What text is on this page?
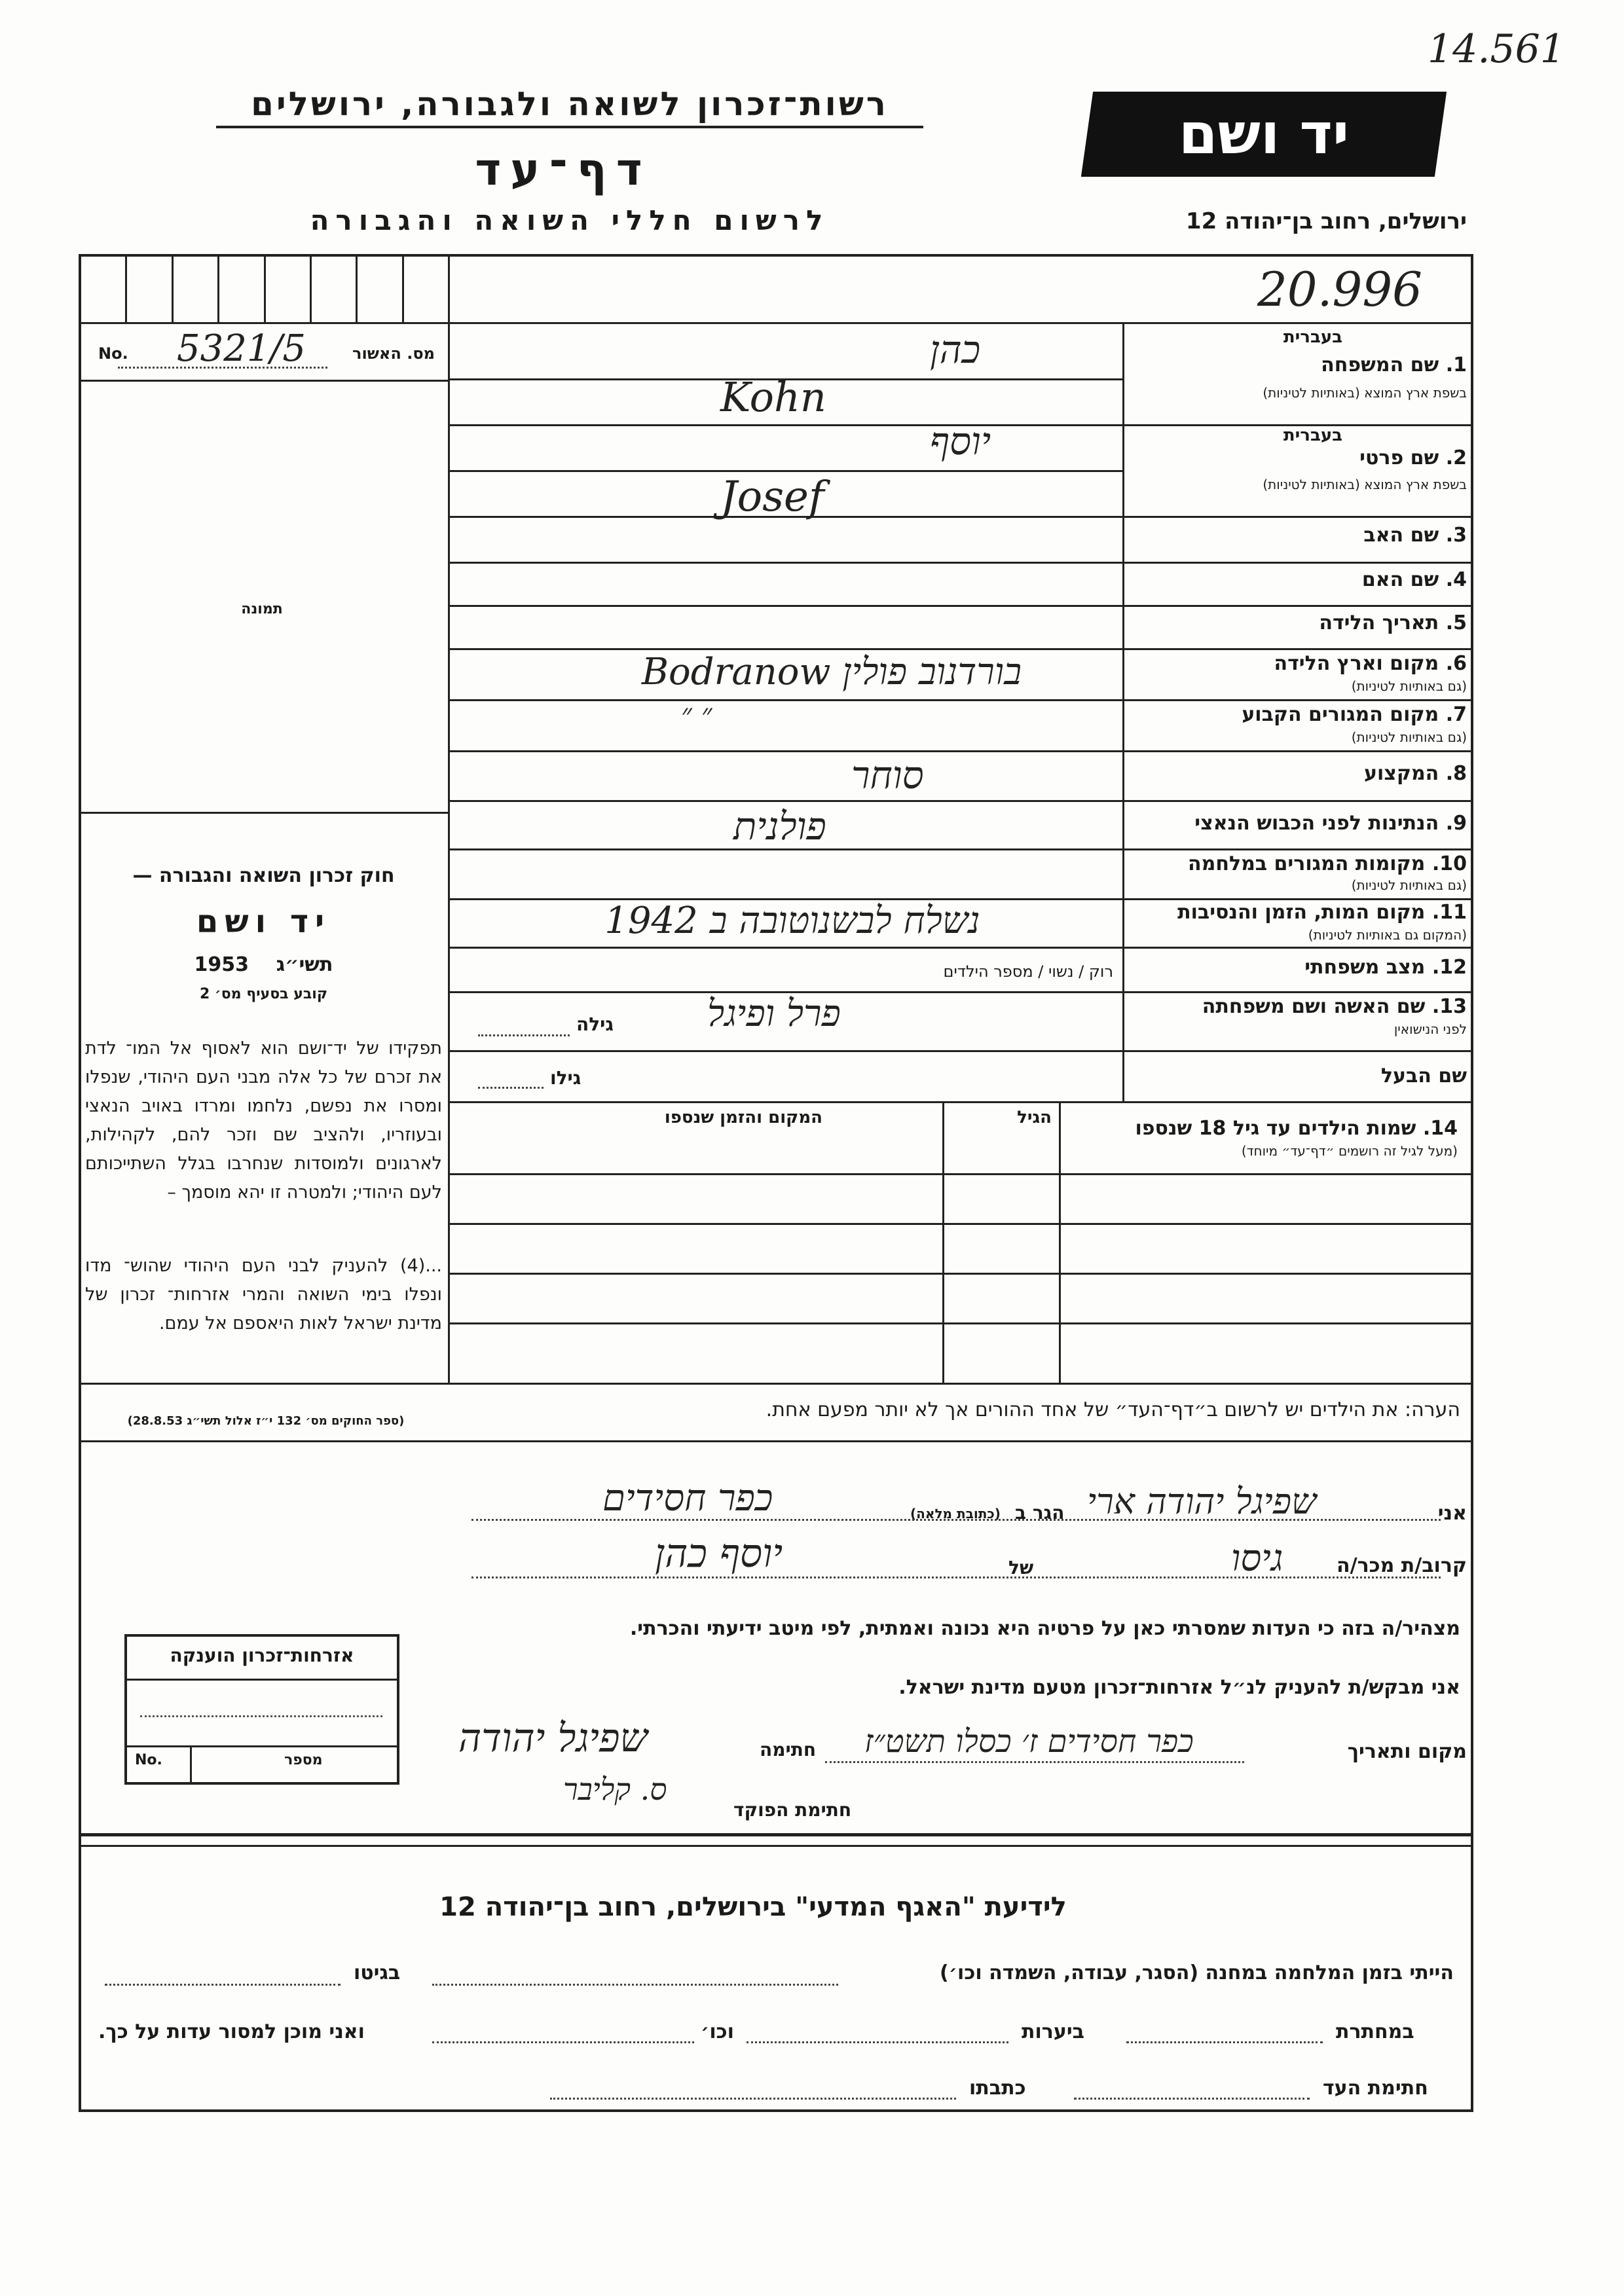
14.561
רשות־זכרון לשואה ולגבורה, ירושלים
דף־עד
לרשום חללי השואה והגבורה
יד ושם
ירושלים, רחוב בן־יהודה 12
20.996
No. 5321/5	מס. האשור
תמונה
חוק זכרון השואה והגבורה —
יד ושם
1953 תשי״ג
קובע בסעיף מס׳ 2
תפקידו של יד־ושם הוא לאסוף אל המו־ לדת את זכרם של כל אלה מבני העם היהודי, שנפלו ומסרו את נפשם, נלחמו ומרדו באויב הנאצי ובעוזריו, ולהציב שם וזכר להם, לקהילות, לארגונים ולמוסדות שנחרבו בגלל השתייכותם לעם היהודי; ולמטרה זו יהא מוסמך –
...(4) להעניק לבני העם היהודי שהוש־ מדו ונפלו בימי השואה והמרי אזרחות־ זכרון של מדינת ישראל לאות היאספם אל עמם.
(ספר החוקים מס׳ 132 י״ז אלול תשי״ג 28.8.53)
בעברית
1. שם המשפחה
בשפת ארץ המוצא (באותיות לטיניות)
כהן
Kohn
בעברית
2. שם פרטי
בשפת ארץ המוצא (באותיות לטיניות)
יוסף
Josef
3. שם האב
4. שם האם
5. תאריך הלידה
6. מקום וארץ הלידה
(גם באותיות לטיניות)
בורדנוב פולין Bodranow
7. מקום המגורים הקבוע
(גם באותיות לטיניות)
״ ״
8. המקצוע
סוחר
9. הנתינות לפני הכבוש הנאצי
פולנית
10. מקומות המגורים במלחמה
(גם באותיות לטיניות)
11. מקום המות, הזמן והנסיבות
(המקום גם באותיות לטיניות)
נשלח לבשנוטובה ב 1942
12. מצב משפחתי
רוק / נשוי / מספר הילדים
13. שם האשה ושם משפחתה
לפני הנישואין
פרל ופיגל
גילה
שם הבעל
גילו
14. שמות הילדים עד גיל 18 שנספו
(מעל לגיל זה רושמים ״דף־עד״ מיוחד)
הגיל
המקום והזמן שנספו
הערה: את הילדים יש לרשום ב״דף־העד״ של אחד ההורים אך לא יותר מפעם אחת.
אני
שפיגל יהודה ארי
הגר ב
(כתובת מלאה)
כפר חסידים
קרוב/ת מכר/ה
גיסו
של
יוסף כהן
מצהיר/ה בזה כי העדות שמסרתי כאן על פרטיה היא נכונה ואמתית, לפי מיטב ידיעתי והכרתי.
אני מבקש/ת להעניק לנ״ל אזרחות־זכרון מטעם מדינת ישראל.
מקום ותאריך
כפר חסידים ז׳ כסלו תשט״ז
חתימה
שפיגל יהודה
ס. קליבר
חתימת הפוקד
אזרחות־זכרון הוענקה
No.	מספר
לידיעת "האגף המדעי" בירושלים, רחוב בן־יהודה 12
הייתי בזמן המלחמה במחנה (הסגר, עבודה, השמדה וכו׳)
בגיטו
במחתרת
ביערות
וכו׳
ואני מוכן למסור עדות על כך.
חתימת העד
כתבתו
